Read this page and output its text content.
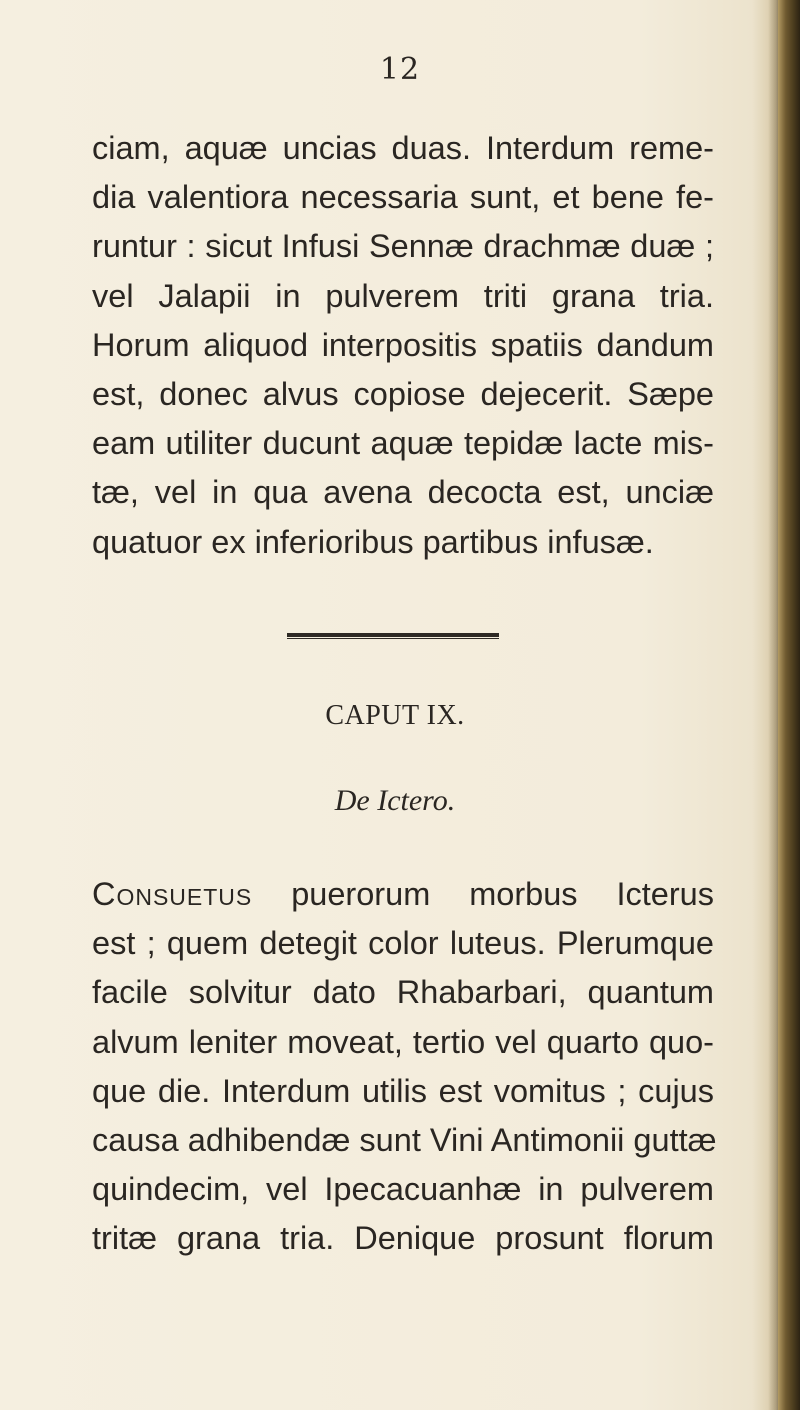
12
ciam, aquæ uncias duas. Interdum reme-
dia valentiora necessaria sunt, et bene fe-
runtur : sicut Infusi Sennæ drachmæ duæ ;
vel Jalapii in pulverem triti grana tria.
Horum aliquod interpositis spatiis dandum
est, donec alvus copiose dejecerit. Sæpe
eam utiliter ducunt aquæ tepidæ lacte mis-
tæ, vel in qua avena decocta est, unciæ
quatuor ex inferioribus partibus infusæ.
CAPUT IX.
De Ictero.
Consuetus puerorum morbus Icterus
est ; quem detegit color luteus. Plerumque
facile solvitur dato Rhabarbari, quantum
alvum leniter moveat, tertio vel quarto quo-
que die. Interdum utilis est vomitus ; cujus
causa adhibendæ sunt Vini Antimonii guttæ
quindecim, vel Ipecacuanhæ in pulverem
tritæ grana tria. Denique prosunt florum
